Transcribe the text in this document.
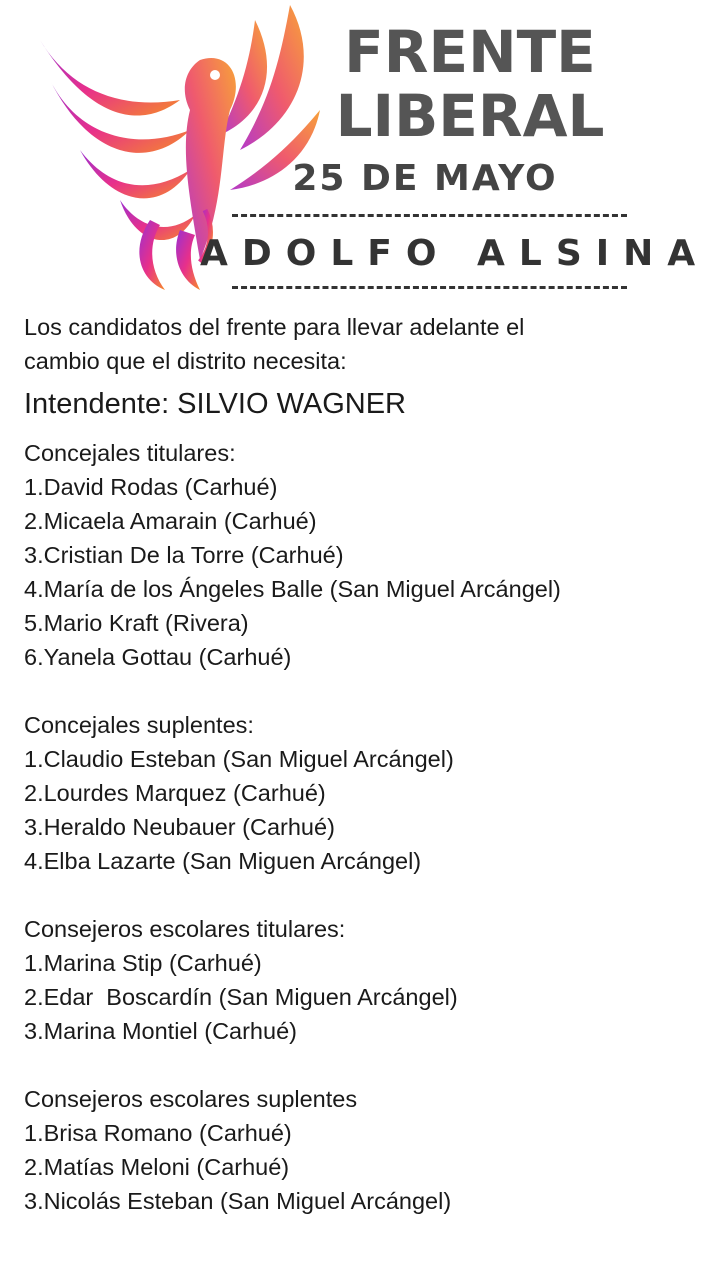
FRENTE
LIBERAL
25 DE MAYO
ADOLFO ALSINA

Los candidatos del frente para llevar adelante el

cambio que el distrito necesita:

Intendente: SILVIO WAGNER

Concejales titulares:

1.David Rodas (Carhué)

2.Micaela Amarain (Carhué)

3.Cristian De la Torre (Carhué)

4.María de los Ángeles Balle (San Miguel Arcángel)

5.Mario Kraft (Rivera)

6.Yanela Gottau (Carhué)

Concejales suplentes:

1.Claudio Esteban (San Miguel Arcángel)

2.Lourdes Marquez (Carhué)

3.Heraldo Neubauer (Carhué)

4.Elba Lazarte (San Miguen Arcángel)

Consejeros escolares titulares:

1.Marina Stip (Carhué)

2.Edar  Boscardín (San Miguen Arcángel)

3.Marina Montiel (Carhué)

Consejeros escolares suplentes

1.Brisa Romano (Carhué)

2.Matías Meloni (Carhué)

3.Nicolás Esteban (San Miguel Arcángel)
